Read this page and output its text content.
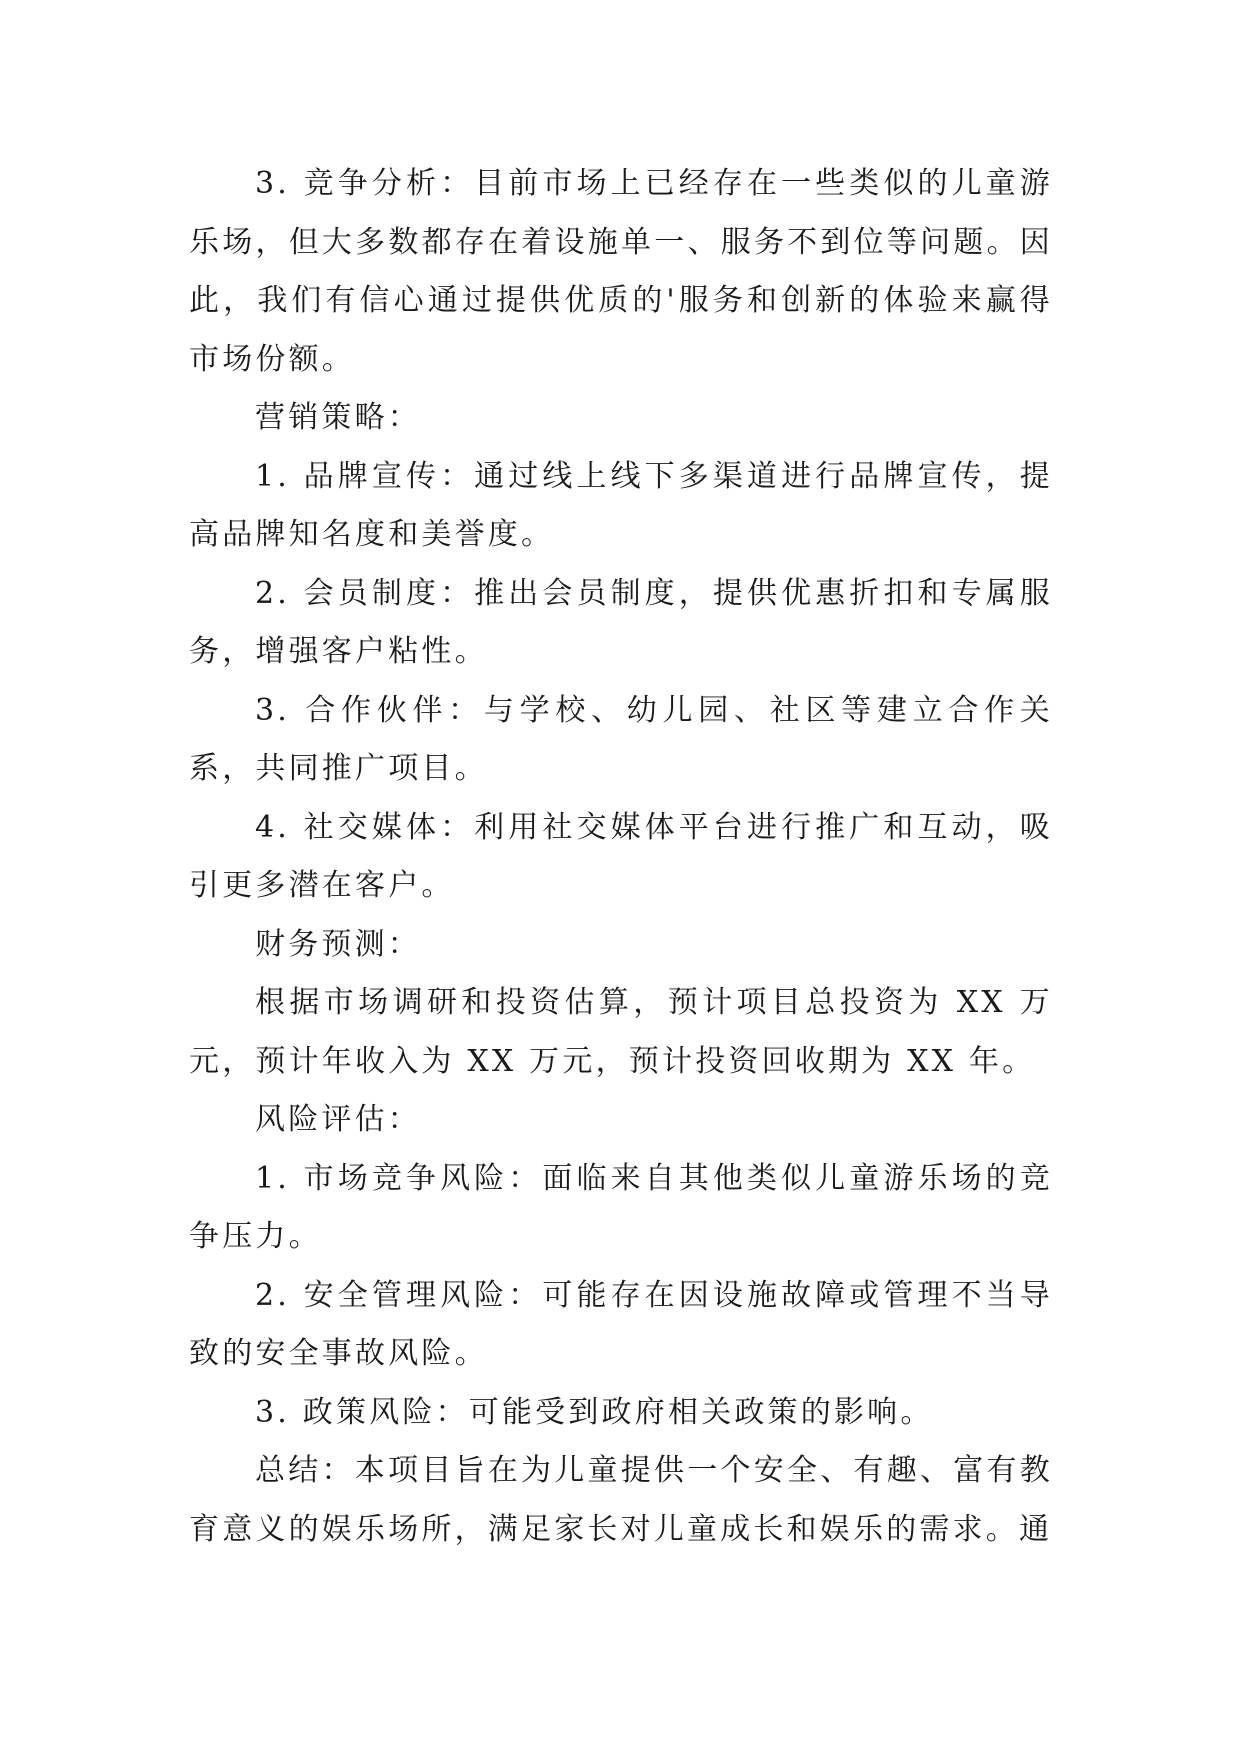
3. 竞争分析：目前市场上已经存在一些类似的儿童游乐场，但大多数都存在着设施单一、服务不到位等问题。因此，我们有信心通过提供优质的'服务和创新的体验来赢得市场份额。

营销策略：

1. 品牌宣传：通过线上线下多渠道进行品牌宣传，提高品牌知名度和美誉度。

2. 会员制度：推出会员制度，提供优惠折扣和专属服务，增强客户粘性。

3. 合作伙伴：与学校、幼儿园、社区等建立合作关系，共同推广项目。

4. 社交媒体：利用社交媒体平台进行推广和互动，吸引更多潜在客户。

财务预测：

根据市场调研和投资估算，预计项目总投资为 XX 万元，预计年收入为 XX 万元，预计投资回收期为 XX 年。

风险评估：

1. 市场竞争风险：面临来自其他类似儿童游乐场的竞争压力。

2. 安全管理风险：可能存在因设施故障或管理不当导致的安全事故风险。

3. 政策风险：可能受到政府相关政策的影响。

总结：本项目旨在为儿童提供一个安全、有趣、富有教育意义的娱乐场所，满足家长对儿童成长和娱乐的需求。通
